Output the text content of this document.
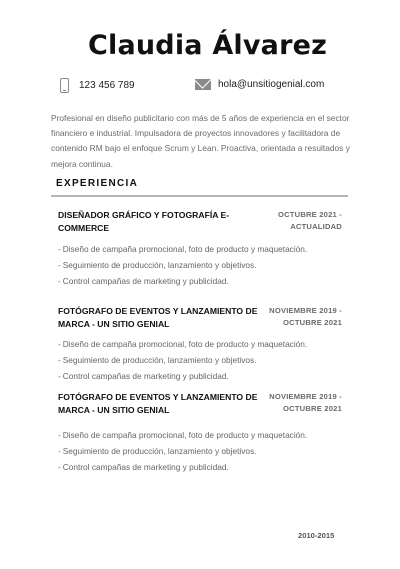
Claudia Álvarez
123 456 789	hola@unsitiogenial.com
Profesional en diseño publicitario con más de 5 años de experiencia en el sector financiero e industrial. Impulsadora de proyectos innovadores y facilitadora de contenido RM bajo el enfoque Scrum y Lean. Proactiva, orientada a resultados y mejora continua.
EXPERIENCIA
DISEÑADOR GRÁFICO Y FOTOGRAFÍA E-COMMERCE
OCTUBRE 2021 - ACTUALIDAD
- Diseño de campaña promocional, foto de producto y maquetación.
- Seguimiento de producción, lanzamiento y objetivos.
- Control campañas de marketing y publicidad.
FOTÓGRAFO DE EVENTOS Y LANZAMIENTO DE MARCA - UN SITIO GENIAL
NOVIEMBRE 2019 - OCTUBRE 2021
- Diseño de campaña promocional, foto de producto y maquetación.
- Seguimiento de producción, lanzamiento y objetivos.
- Control campañas de marketing y publicidad.
FOTÓGRAFO DE EVENTOS Y LANZAMIENTO DE MARCA - UN SITIO GENIAL
NOVIEMBRE 2019 - OCTUBRE 2021
- Diseño de campaña promocional, foto de producto y maquetación.
- Seguimiento de producción, lanzamiento y objetivos.
- Control campañas de marketing y publicidad.
2010-2015
